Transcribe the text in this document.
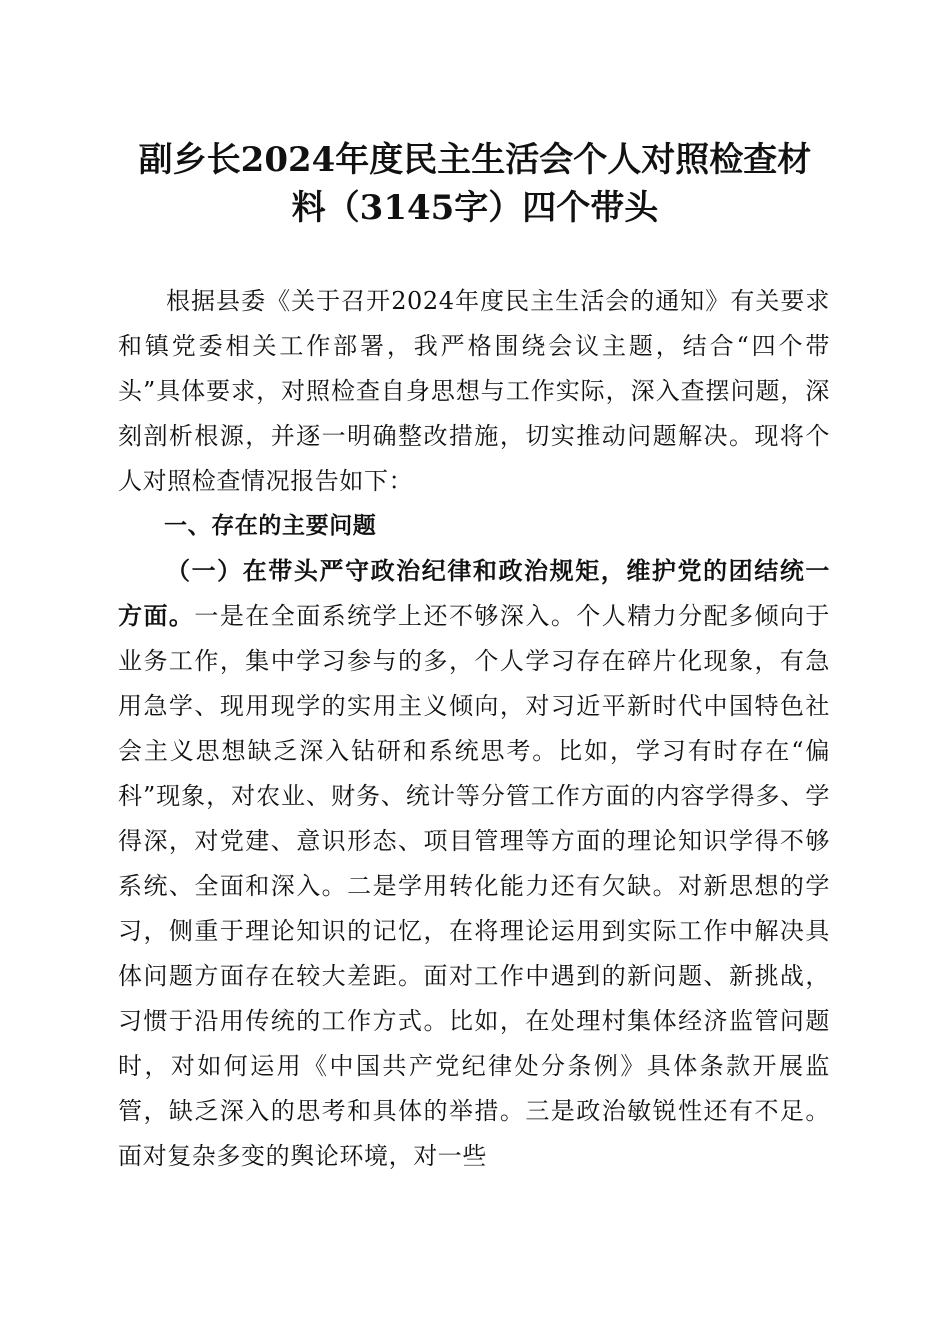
副乡长2024年度民主生活会个人对照检查材
料（3145字）四个带头

根据县委《关于召开2024年度民主生活会的通知》有关要求和镇党委相关工作部署，我严格围绕会议主题，结合“四个带头”具体要求，对照检查自身思想与工作实际，深入查摆问题，深刻剖析根源，并逐一明确整改措施，切实推动问题解决。现将个人对照检查情况报告如下：

一、存在的主要问题

（一）在带头严守政治纪律和政治规矩，维护党的团结统一方面。一是在全面系统学上还不够深入。个人精力分配多倾向于业务工作，集中学习参与的多，个人学习存在碎片化现象，有急用急学、现用现学的实用主义倾向，对习近平新时代中国特色社会主义思想缺乏深入钻研和系统思考。比如，学习有时存在“偏科”现象，对农业、财务、统计等分管工作方面的内容学得多、学得深，对党建、意识形态、项目管理等方面的理论知识学得不够系统、全面和深入。二是学用转化能力还有欠缺。对新思想的学习，侧重于理论知识的记忆，在将理论运用到实际工作中解决具体问题方面存在较大差距。面对工作中遇到的新问题、新挑战，习惯于沿用传统的工作方式。比如，在处理村集体经济监管问题时，对如何运用《中国共产党纪律处分条例》具体条款开展监管，缺乏深入的思考和具体的举措。三是政治敏锐性还有不足。面对复杂多变的舆论环境，对一些
